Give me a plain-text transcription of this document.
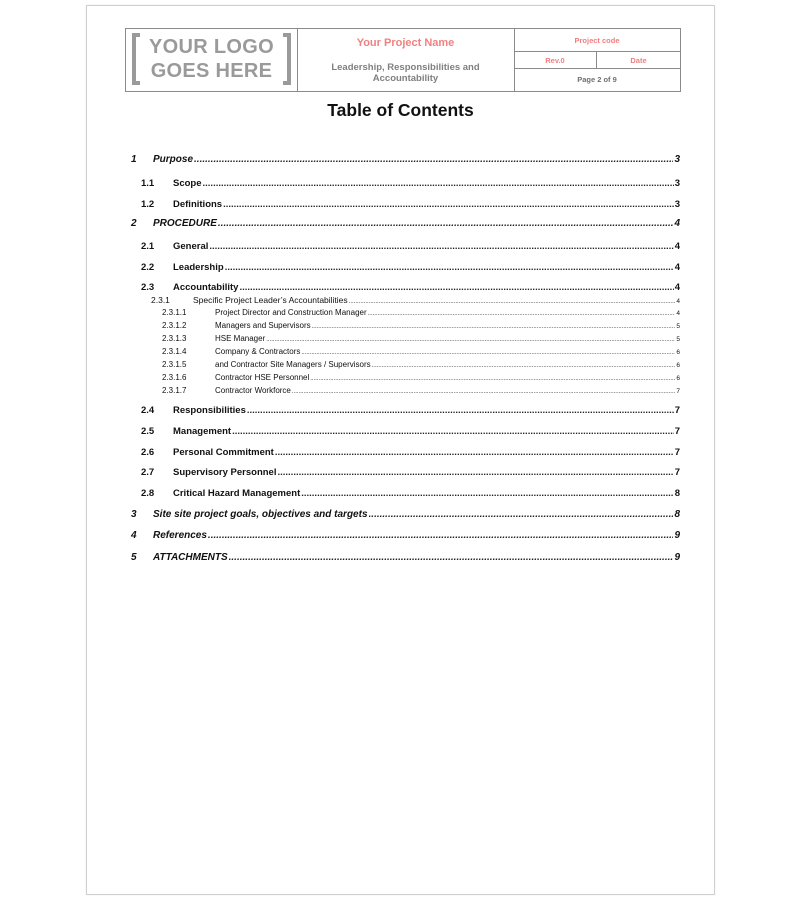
YOUR LOGO
GOES HERE
Your Project Name
Leadership, Responsibilities and Accountability
Project code
Rev.0	Date
Page 2 of 9
Table of Contents
1	Purpose .....	3
1.1	Scope .....	3
1.2	Definitions .....	3
2	PROCEDURE .....	4
2.1	General .....	4
2.2	Leadership .....	4
2.3	Accountability .....	4
2.3.1	Specific Project Leader’s Accountabilities .....	4
2.3.1.1	Project Director and Construction Manager .....	4
2.3.1.2	Managers and Supervisors .....	5
2.3.1.3	HSE Manager .....	5
2.3.1.4	Company & Contractors .....	6
2.3.1.5	and Contractor Site Managers / Supervisors .....	6
2.3.1.6	Contractor HSE Personnel .....	6
2.3.1.7	Contractor Workforce .....	7
2.4	Responsibilities .....	7
2.5	Management .....	7
2.6	Personal Commitment .....	7
2.7	Supervisory Personnel .....	7
2.8	Critical Hazard Management .....	8
3	Site site project goals, objectives and targets .....	8
4	References .....	9
5	ATTACHMENTS .....	9
